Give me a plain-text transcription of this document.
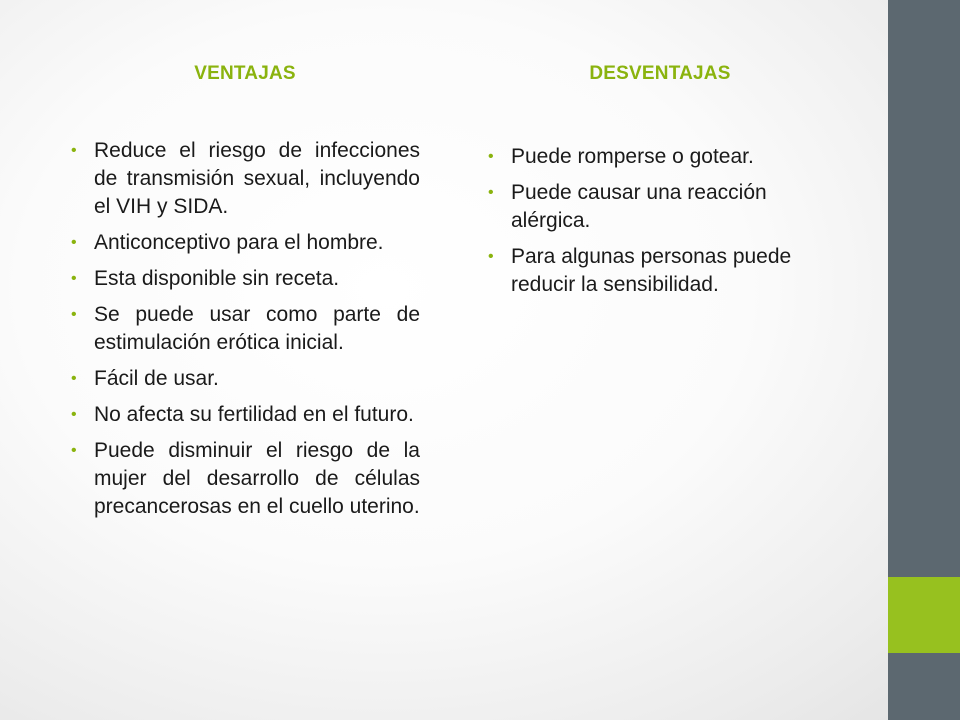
VENTAJAS	DESVENTAJAS
• Reduce el riesgo de infecciones de transmisión sexual, incluyendo el VIH y SIDA.
• Anticonceptivo para el hombre.
• Esta disponible sin receta.
• Se puede usar como parte de estimulación erótica inicial.
• Fácil de usar.
• No afecta su fertilidad en el futuro.
• Puede disminuir el riesgo de la mujer del desarrollo de células precancerosas en el cuello uterino.
• Puede romperse o gotear.
• Puede causar una reacción alérgica.
• Para algunas personas puede reducir la sensibilidad.
